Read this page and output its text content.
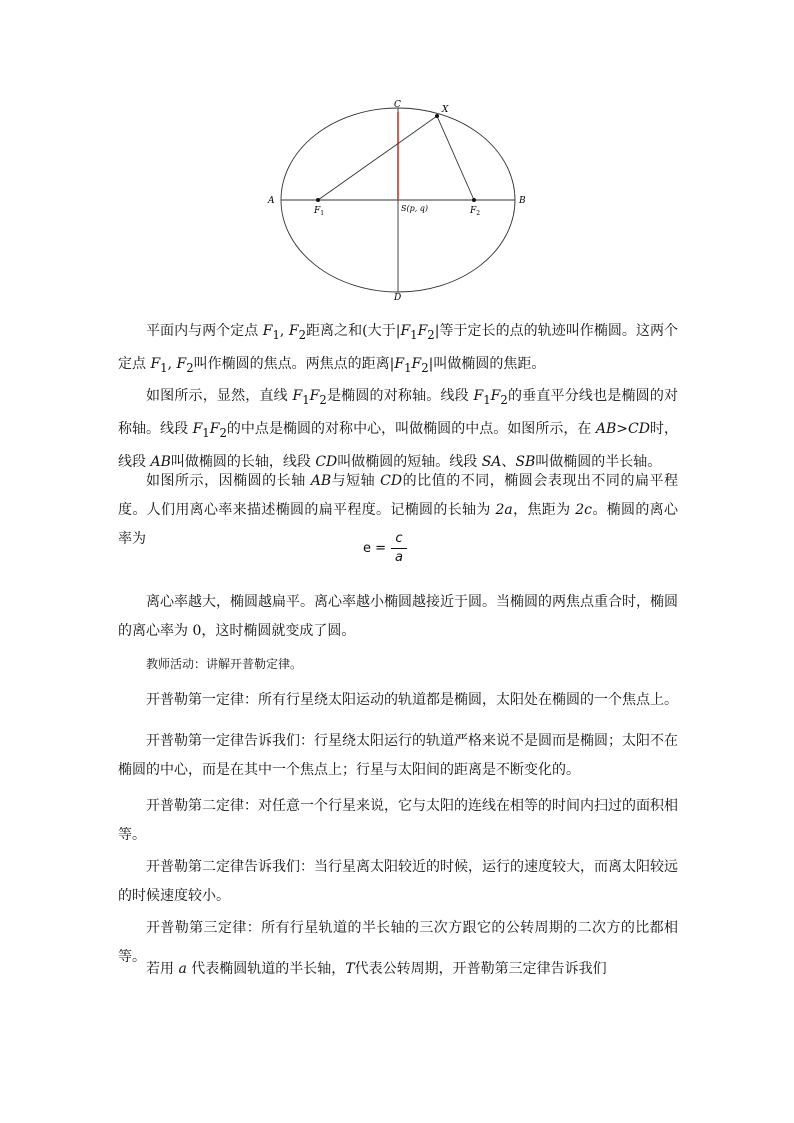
C	X
A	B
D
$F_1$	$F_2$
S(p, q)

平面内与两个定点 $F_1$, $F_2$距离之和(大于$|F_1F_2|$等于定长的点的轨迹叫作椭圆。这两个定点 $F_1$, $F_2$叫作椭圆的焦点。两焦点的距离$|F_1F_2|$叫做椭圆的焦距。

如图所示，显然，直线 $F_1F_2$是椭圆的对称轴。线段 $F_1F_2$的垂直平分线也是椭圆的对称轴。线段 $F_1F_2$的中点是椭圆的对称中心，叫做椭圆的中点。如图所示，在 AB>CD时，线段 AB叫做椭圆的长轴，线段 CD叫做椭圆的短轴。线段 SA、SB叫做椭圆的半长轴。

如图所示，因椭圆的长轴 AB与短轴 CD的比值的不同，椭圆会表现出不同的扁平程度。人们用离心率来描述椭圆的扁平程度。记椭圆的长轴为 2a，焦距为 2c。椭圆的离心率为

e =
c
a

离心率越大，椭圆越扁平。离心率越小椭圆越接近于圆。当椭圆的两焦点重合时，椭圆的离心率为 0，这时椭圆就变成了圆。

教师活动：讲解开普勒定律。

开普勒第一定律：所有行星绕太阳运动的轨道都是椭圆，太阳处在椭圆的一个焦点上。

开普勒第一定律告诉我们：行星绕太阳运行的轨道严格来说不是圆而是椭圆；太阳不在椭圆的中心，而是在其中一个焦点上；行星与太阳间的距离是不断变化的。

开普勒第二定律：对任意一个行星来说，它与太阳的连线在相等的时间内扫过的面积相等。

开普勒第二定律告诉我们：当行星离太阳较近的时候，运行的速度较大，而离太阳较远的时候速度较小。

开普勒第三定律：所有行星轨道的半长轴的三次方跟它的公转周期的二次方的比都相等。

若用 a 代表椭圆轨道的半长轴，T代表公转周期，开普勒第三定律告诉我们
